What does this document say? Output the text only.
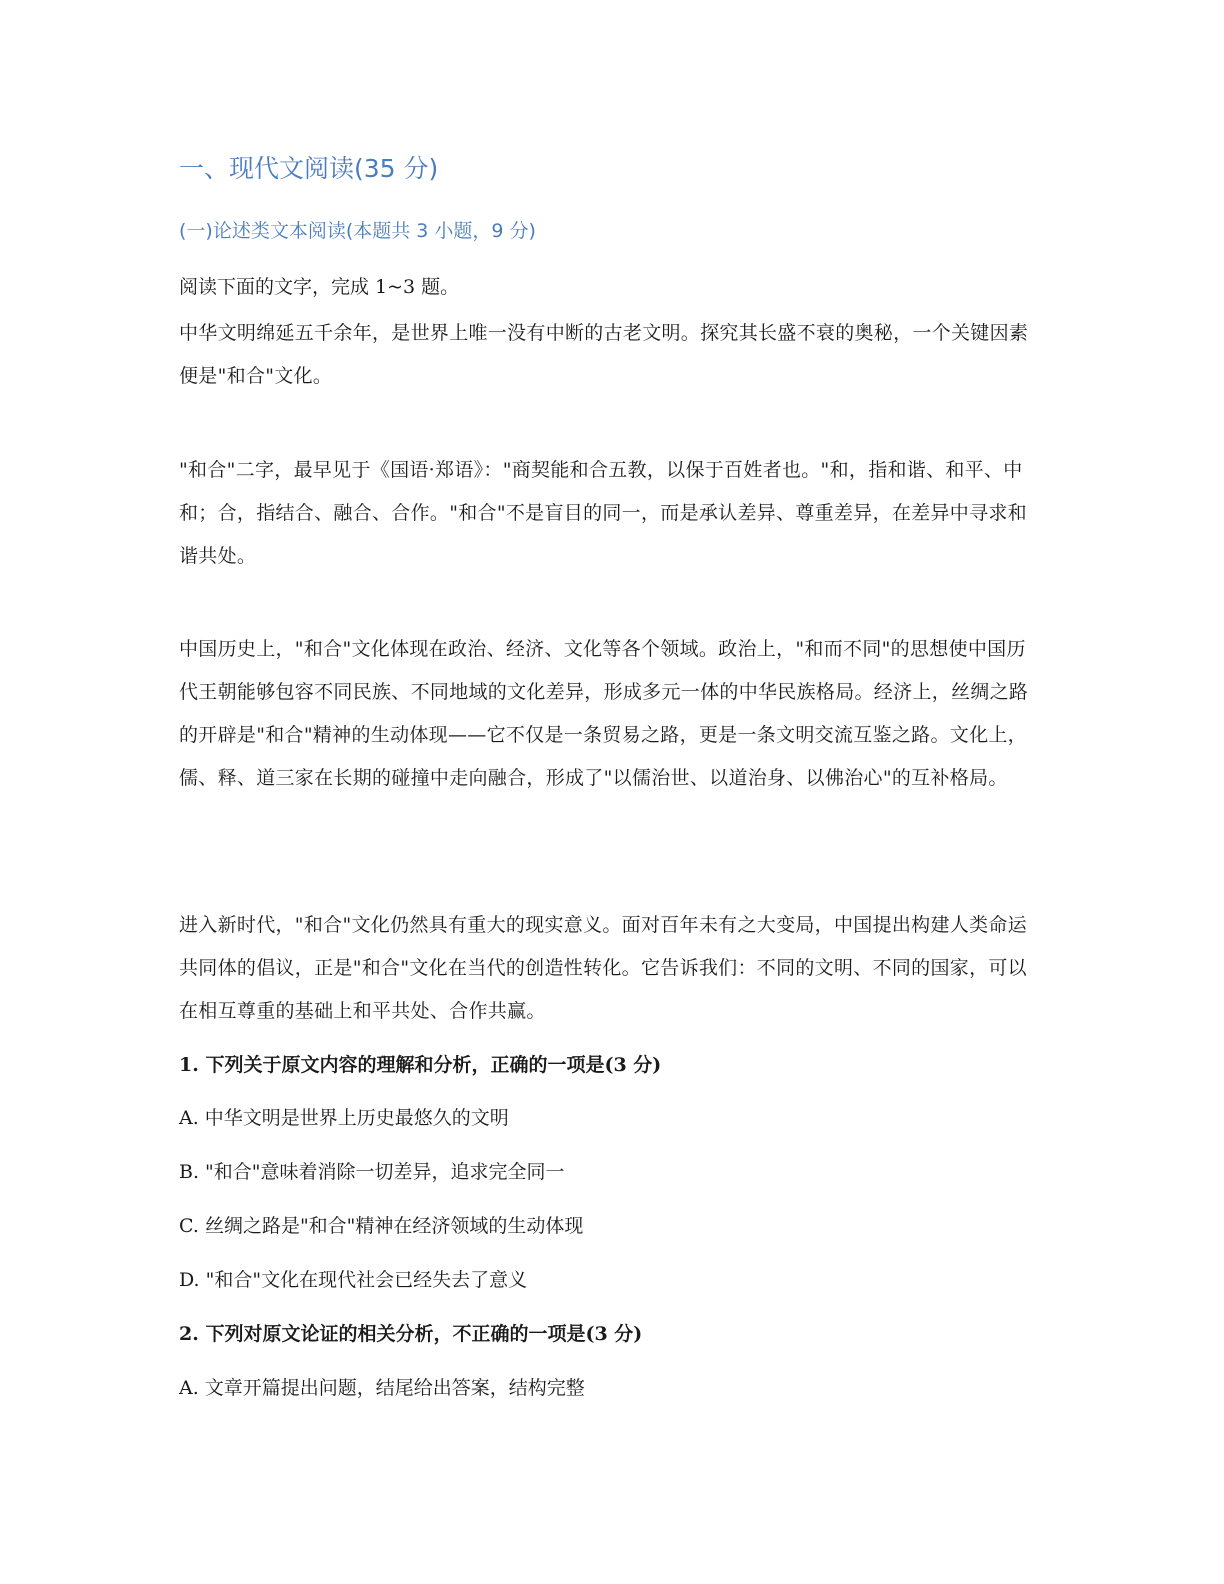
一、现代文阅读(35 分)
(一)论述类文本阅读(本题共 3 小题，9 分)
阅读下面的文字，完成 1~3 题。

中华文明绵延五千余年，是世界上唯一没有中断的古老文明。探究其长盛不衰的奥秘，一个关键因素便是"和合"文化。

"和合"二字，最早见于《国语·郑语》："商契能和合五教，以保于百姓者也。"和，指和谐、和平、中和；合，指结合、融合、合作。"和合"不是盲目的同一，而是承认差异、尊重差异，在差异中寻求和谐共处。

中国历史上，"和合"文化体现在政治、经济、文化等各个领域。政治上，"和而不同"的思想使中国历代王朝能够包容不同民族、不同地域的文化差异，形成多元一体的中华民族格局。经济上，丝绸之路的开辟是"和合"精神的生动体现——它不仅是一条贸易之路，更是一条文明交流互鉴之路。文化上，儒、释、道三家在长期的碰撞中走向融合，形成了"以儒治世、以道治身、以佛治心"的互补格局。

进入新时代，"和合"文化仍然具有重大的现实意义。面对百年未有之大变局，中国提出构建人类命运共同体的倡议，正是"和合"文化在当代的创造性转化。它告诉我们：不同的文明、不同的国家，可以在相互尊重的基础上和平共处、合作共赢。

1. 下列关于原文内容的理解和分析，正确的一项是(3 分)
A. 中华文明是世界上历史最悠久的文明
B. "和合"意味着消除一切差异，追求完全同一
C. 丝绸之路是"和合"精神在经济领域的生动体现
D. "和合"文化在现代社会已经失去了意义
2. 下列对原文论证的相关分析，不正确的一项是(3 分)
A. 文章开篇提出问题，结尾给出答案，结构完整
